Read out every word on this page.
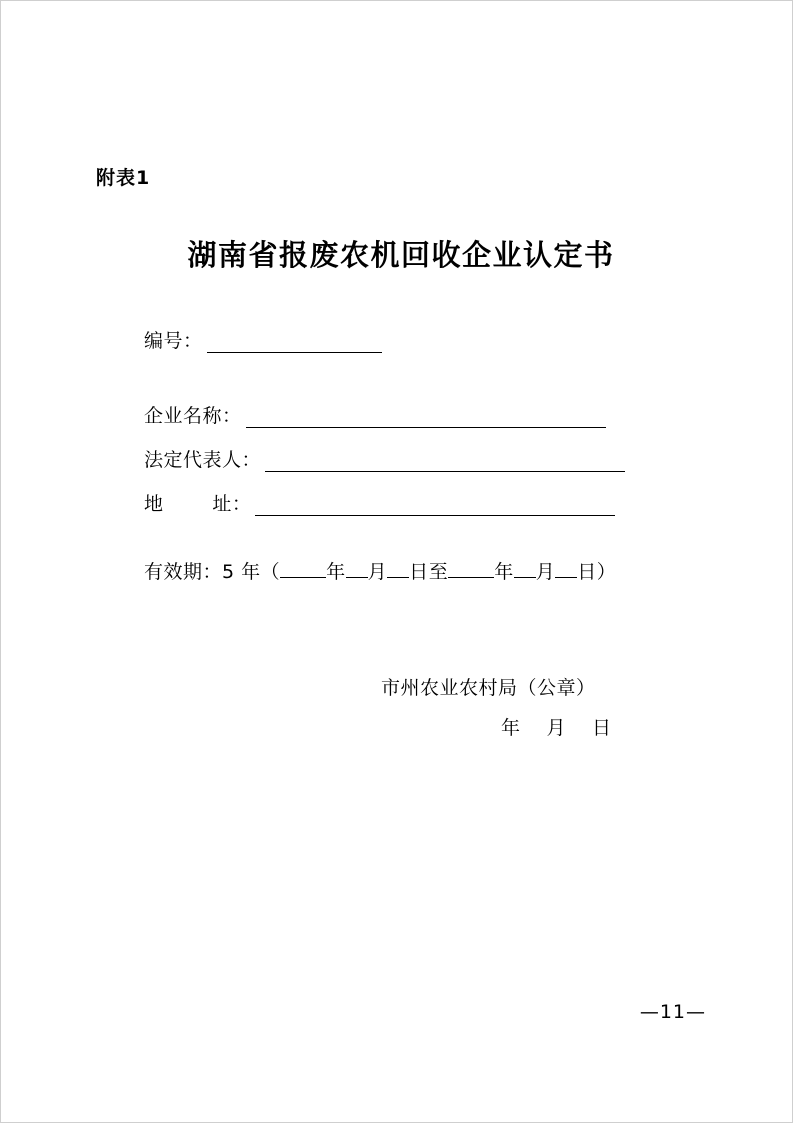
附表1
湖南省报废农机回收企业认定书
编号：
企业名称：
法定代表人：
地	址：
有效期：5 年（ 年 月 日至 年 月 日）
市州农业农村局（公章）
年 月 日
—11—
